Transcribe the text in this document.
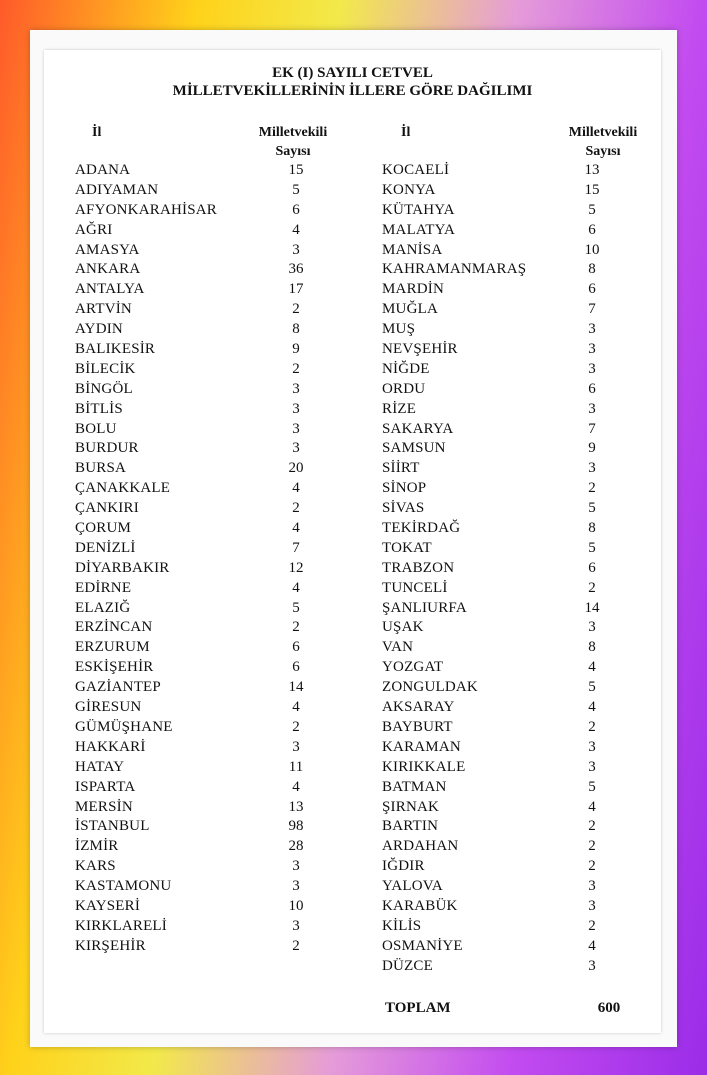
EK (I) SAYILI CETVEL
MİLLETVEKİLLERİNİN İLLERE GÖRE DAĞILIMI
İl	Milletvekili
Sayısı
İl	Milletvekili
Sayısı
ADANA	15
ADIYAMAN	5
AFYONKARAHİSAR	6
AĞRI	4
AMASYA	3
ANKARA	36
ANTALYA	17
ARTVİN	2
AYDIN	8
BALIKESİR	9
BİLECİK	2
BİNGÖL	3
BİTLİS	3
BOLU	3
BURDUR	3
BURSA	20
ÇANAKKALE	4
ÇANKIRI	2
ÇORUM	4
DENİZLİ	7
DİYARBAKIR	12
EDİRNE	4
ELAZIĞ	5
ERZİNCAN	2
ERZURUM	6
ESKİŞEHİR	6
GAZİANTEP	14
GİRESUN	4
GÜMÜŞHANE	2
HAKKARİ	3
HATAY	11
ISPARTA	4
MERSİN	13
İSTANBUL	98
İZMİR	28
KARS	3
KASTAMONU	3
KAYSERİ	10
KIRKLARELİ	3
KIRŞEHİR	2
KOCAELİ	13
KONYA	15
KÜTAHYA	5
MALATYA	6
MANİSA	10
KAHRAMANMARAŞ	8
MARDİN	6
MUĞLA	7
MUŞ	3
NEVŞEHİR	3
NİĞDE	3
ORDU	6
RİZE	3
SAKARYA	7
SAMSUN	9
SİİRT	3
SİNOP	2
SİVAS	5
TEKİRDAĞ	8
TOKAT	5
TRABZON	6
TUNCELİ	2
ŞANLIURFA	14
UŞAK	3
VAN	8
YOZGAT	4
ZONGULDAK	5
AKSARAY	4
BAYBURT	2
KARAMAN	3
KIRIKKALE	3
BATMAN	5
ŞIRNAK	4
BARTIN	2
ARDAHAN	2
IĞDIR	2
YALOVA	3
KARABÜK	3
KİLİS	2
OSMANİYE	4
DÜZCE	3
TOPLAM	600
